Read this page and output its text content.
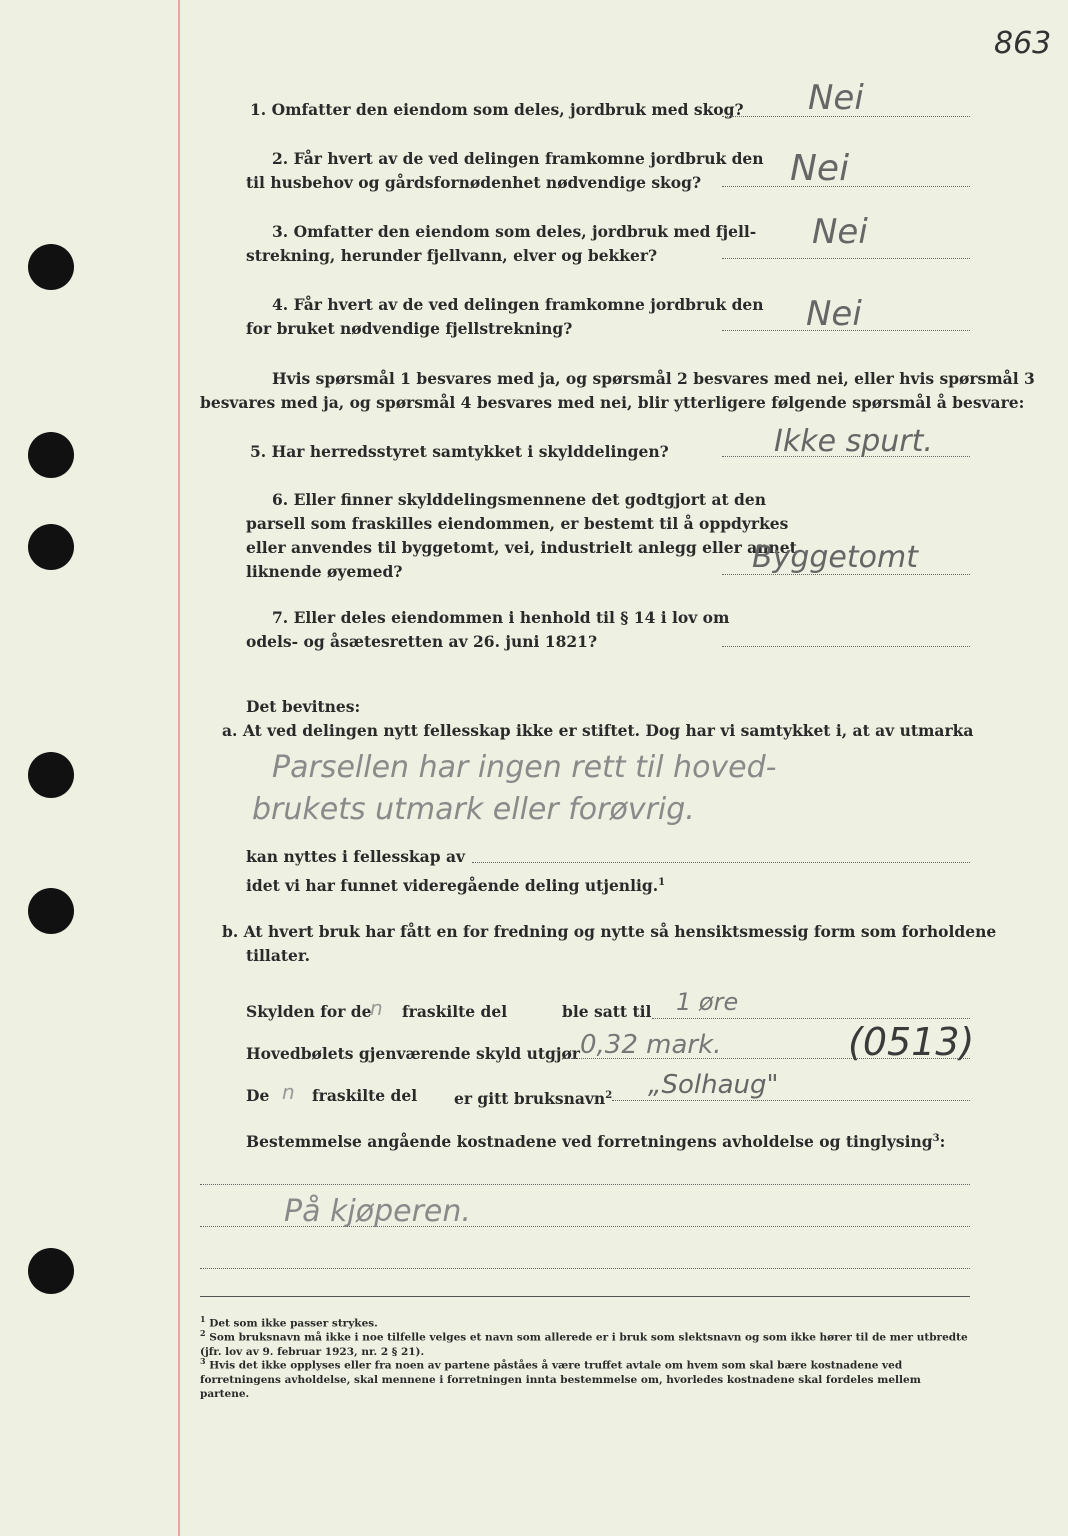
863
1. Omfatter den eiendom som deles, jordbruk med skog? Nei
2. Får hvert av de ved delingen framkomne jordbruk den
til husbehov og gårdsfornødenhet nødvendige skog? Nei
3. Omfatter den eiendom som deles, jordbruk med fjell-
strekning, herunder fjellvann, elver og bekker?
Nei
4. Får hvert av de ved delingen framkomne jordbruk den
for bruket nødvendige fjellstrekning?	Nei
Hvis spørsmål 1 besvares med ja, og spørsmål 2 besvares med nei, eller hvis spørsmål 3
besvares med ja, og spørsmål 4 besvares med nei, blir ytterligere følgende spørsmål å besvare:
5. Har herredsstyret samtykket i skylddelingen?	Ikke spurt.
6. Eller finner skylddelingsmennene det godtgjort at den
parsell som fraskilles eiendommen, er bestemt til å oppdyrkes
eller anvendes til byggetomt, vei, industrielt anlegg eller annet
liknende øyemed?	Byggetomt
7. Eller deles eiendommen i henhold til § 14 i lov om
odels- og åsætesretten av 26. juni 1821?
Det bevitnes:
a. At ved delingen nytt fellesskap ikke er stiftet. Dog har vi samtykket i, at av utmarka
Parsellen har ingen rett til hoved-
brukets utmark eller forøvrig.
kan nyttes i fellesskap av
idet vi har funnet videregående deling utjenlig.$^1$
b. At hvert bruk har fått en for fredning og nytte så hensiktsmessig form som forholdene
tillater.
Skylden for de
n fraskilte del	ble satt til 1 øre
Hovedbølets gjenværende skyld utgjør 0,32 mark.	(0513)
De n fraskilte del er gitt bruksnavn$^2$ „Solhaug"
Bestemmelse angående kostnadene ved forretningens avholdelse og tinglysing$^3$:
På kjøperen.
$^1$ Det som ikke passer strykes.
$^2$ Som bruksnavn må ikke i noe tilfelle velges et navn som allerede er i bruk som slektsnavn og som ikke hører til de mer utbredte (jfr. lov av 9. februar 1923, nr. 2 § 21).
$^3$ Hvis det ikke opplyses eller fra noen av partene påståes å være truffet avtale om hvem som skal bære kostnadene ved forretningens avholdelse, skal mennene i forretningen innta bestemmelse om, hvorledes kostnadene skal fordeles mellem partene.
